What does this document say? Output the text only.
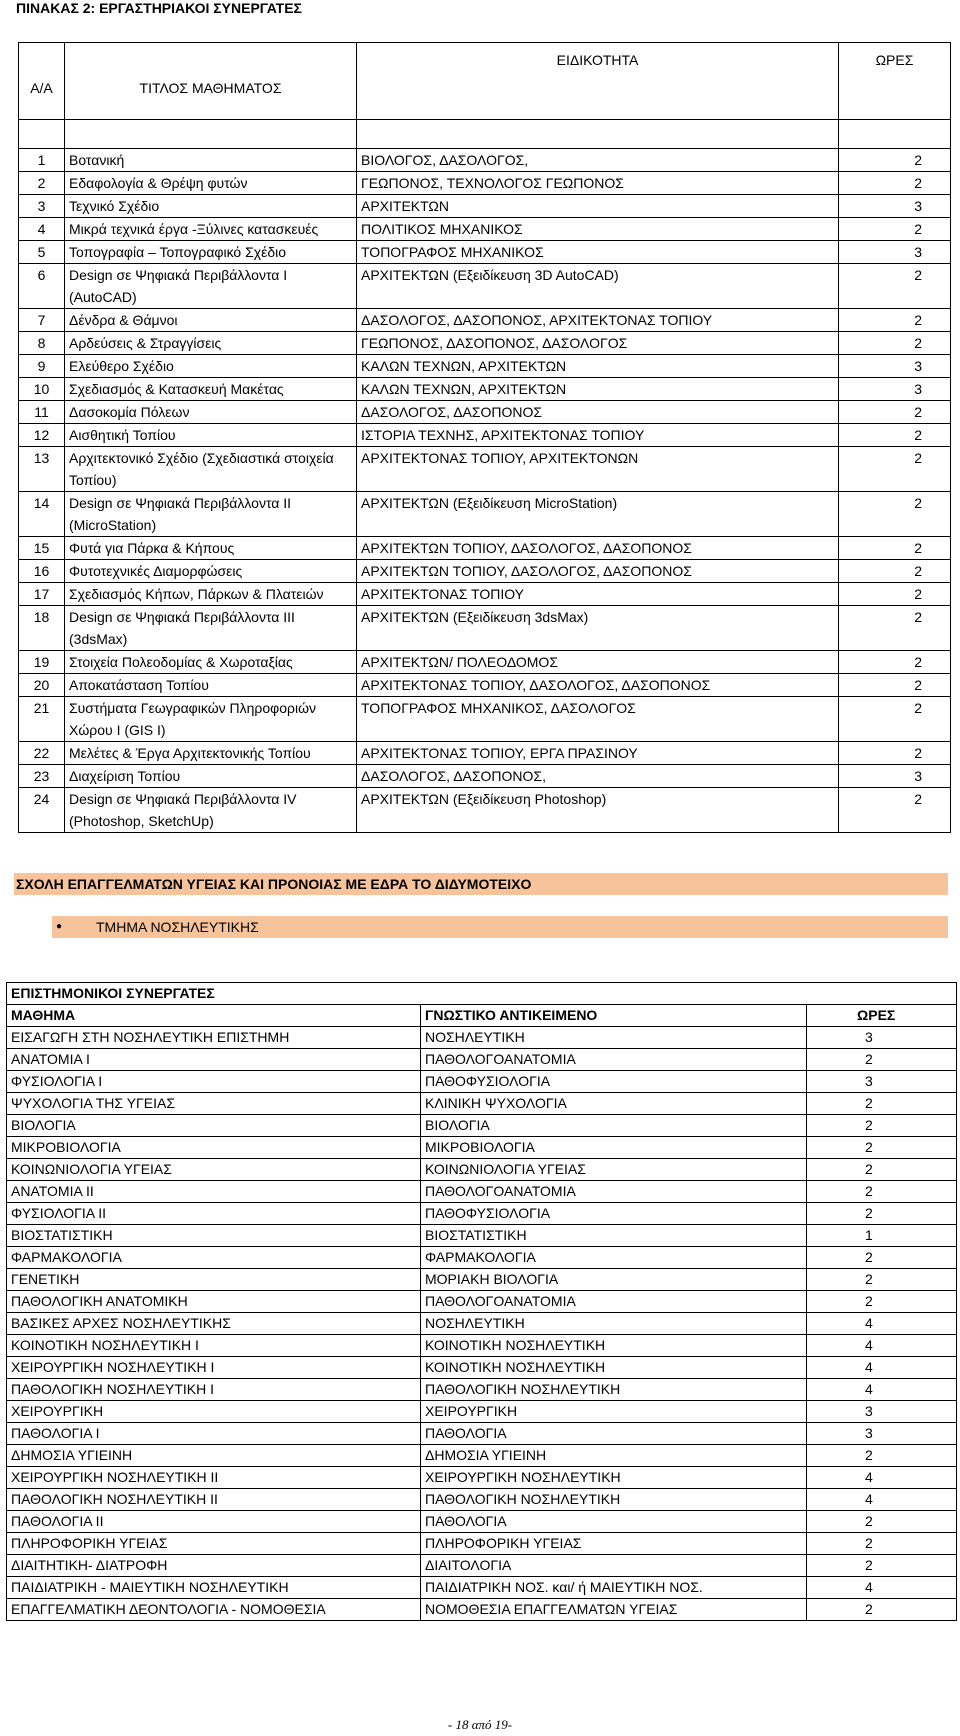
ΠΙΝΑΚΑΣ 2: ΕΡΓΑΣΤΗΡΙΑΚΟΙ ΣΥΝΕΡΓΑΤΕΣ
Α/Α	ΤΙΤΛΟΣ ΜΑΘΗΜΑΤΟΣ	ΕΙΔΙΚΟΤΗΤΑ	ΩΡΕΣ

1	Βοτανική	ΒΙΟΛΟΓΟΣ, ΔΑΣΟΛΟΓΟΣ,	2
2	Εδαφολογία & Θρέψη φυτών	ΓΕΩΠΟΝΟΣ, ΤΕΧΝΟΛΟΓΟΣ ΓΕΩΠΟΝΟΣ	2
3	Τεχνικό Σχέδιο	ΑΡΧΙΤΕΚΤΩΝ	3
4	Μικρά τεχνικά έργα -Ξύλινες κατασκευές	ΠΟΛΙΤΙΚΟΣ ΜΗΧΑΝΙΚΟΣ	2
5	Τοπογραφία – Τοπογραφικό Σχέδιο	ΤΟΠΟΓΡΑΦΟΣ ΜΗΧΑΝΙΚΟΣ	3
6	Design σε Ψηφιακά Περιβάλλοντα I (AutoCAD)	ΑΡΧΙΤΕΚΤΩΝ (Εξειδίκευση 3D AutoCAD)	2
7	Δένδρα & Θάμνοι	ΔΑΣΟΛΟΓΟΣ, ΔΑΣΟΠΟΝΟΣ, ΑΡΧΙΤΕΚΤΟΝΑΣ ΤΟΠΙΟΥ	2
8	Αρδεύσεις & Στραγγίσεις	ΓΕΩΠΟΝΟΣ, ΔΑΣΟΠΟΝΟΣ, ΔΑΣΟΛΟΓΟΣ	2
9	Ελεύθερο Σχέδιο	ΚΑΛΩΝ ΤΕΧΝΩΝ, ΑΡΧΙΤΕΚΤΩΝ	3
10	Σχεδιασμός & Κατασκευή Μακέτας	ΚΑΛΩΝ ΤΕΧΝΩΝ, ΑΡΧΙΤΕΚΤΩΝ	3
11	Δασοκομία Πόλεων	ΔΑΣΟΛΟΓΟΣ, ΔΑΣΟΠΟΝΟΣ	2
12	Αισθητική Τοπίου	ΙΣΤΟΡΙΑ ΤΕΧΝΗΣ, ΑΡΧΙΤΕΚΤΟΝΑΣ ΤΟΠΙΟΥ	2
13	Αρχιτεκτονικό Σχέδιο (Σχεδιαστικά στοιχεία Τοπίου)	ΑΡΧΙΤΕΚΤΟΝΑΣ ΤΟΠΙΟΥ, ΑΡΧΙΤΕΚΤΟΝΩΝ	2
14	Design σε Ψηφιακά Περιβάλλοντα II (MicroStation)	ΑΡΧΙΤΕΚΤΩΝ (Εξειδίκευση MicroStation)	2
15	Φυτά για Πάρκα & Κήπους	ΑΡΧΙΤΕΚΤΩΝ ΤΟΠΙΟΥ, ΔΑΣΟΛΟΓΟΣ, ΔΑΣΟΠΟΝΟΣ	2
16	Φυτοτεχνικές Διαμορφώσεις	ΑΡΧΙΤΕΚΤΩΝ ΤΟΠΙΟΥ, ΔΑΣΟΛΟΓΟΣ, ΔΑΣΟΠΟΝΟΣ	2
17	Σχεδιασμός Κήπων, Πάρκων & Πλατειών	ΑΡΧΙΤΕΚΤΟΝΑΣ ΤΟΠΙΟΥ	2
18	Design σε Ψηφιακά Περιβάλλοντα III (3dsMax)	ΑΡΧΙΤΕΚΤΩΝ (Εξειδίκευση 3dsMax)	2
19	Στοιχεία Πολεοδομίας & Χωροταξίας	ΑΡΧΙΤΕΚΤΩΝ/ ΠΟΛΕΟΔΟΜΟΣ	2
20	Αποκατάσταση Τοπίου	ΑΡΧΙΤΕΚΤΟΝΑΣ ΤΟΠΙΟΥ, ΔΑΣΟΛΟΓΟΣ, ΔΑΣΟΠΟΝΟΣ	2
21	Συστήματα Γεωγραφικών Πληροφοριών Χώρου I (GIS I)	ΤΟΠΟΓΡΑΦΟΣ ΜΗΧΑΝΙΚΟΣ, ΔΑΣΟΛΟΓΟΣ	2
22	Μελέτες & Έργα Αρχιτεκτονικής Τοπίου	ΑΡΧΙΤΕΚΤΟΝΑΣ ΤΟΠΙΟΥ, ΕΡΓΑ ΠΡΑΣΙΝΟΥ	2
23	Διαχείριση Τοπίου	ΔΑΣΟΛΟΓΟΣ, ΔΑΣΟΠΟΝΟΣ,	3
24	Design σε Ψηφιακά Περιβάλλοντα IV (Photoshop, SketchUp)	ΑΡΧΙΤΕΚΤΩΝ (Εξειδίκευση Photoshop)	2
ΣΧΟΛΗ ΕΠΑΓΓΕΛΜΑΤΩΝ ΥΓΕΙΑΣ ΚΑΙ ΠΡΟΝΟΙΑΣ ΜΕ ΕΔΡΑ ΤΟ ΔΙΔΥΜΟΤΕΙΧΟ
● ΤΜΗΜΑ ΝΟΣΗΛΕΥΤΙΚΗΣ
ΕΠΙΣΤΗΜΟΝΙΚΟΙ ΣΥΝΕΡΓΑΤΕΣ		
ΜΑΘΗΜΑ	ΓΝΩΣΤΙΚΟ ΑΝΤΙΚΕΙΜΕΝΟ	ΩΡΕΣ
ΕΙΣΑΓΩΓΗ ΣΤΗ ΝΟΣΗΛΕΥΤΙΚΗ ΕΠΙΣΤΗΜΗ	ΝΟΣΗΛΕΥΤΙΚΗ	3
ΑΝΑΤΟΜΙΑ Ι	ΠΑΘΟΛΟΓΟΑΝΑΤΟΜΙΑ	2
ΦΥΣΙΟΛΟΓΙΑ Ι	ΠΑΘΟΦΥΣΙΟΛΟΓΙΑ	3
ΨΥΧΟΛΟΓΙΑ ΤΗΣ ΥΓΕΙΑΣ	ΚΛΙΝΙΚΗ ΨΥΧΟΛΟΓΙΑ	2
ΒΙΟΛΟΓΙΑ	ΒΙΟΛΟΓΙΑ	2
ΜΙΚΡΟΒΙΟΛΟΓΙΑ	ΜΙΚΡΟΒΙΟΛΟΓΙΑ	2
ΚΟΙΝΩΝΙΟΛΟΓΙΑ ΥΓΕΙΑΣ	ΚΟΙΝΩΝΙΟΛΟΓΙΑ ΥΓΕΙΑΣ	2
ΑΝΑΤΟΜΙΑ ΙΙ	ΠΑΘΟΛΟΓΟΑΝΑΤΟΜΙΑ	2
ΦΥΣΙΟΛΟΓΙΑ ΙΙ	ΠΑΘΟΦΥΣΙΟΛΟΓΙΑ	2
ΒΙΟΣΤΑΤΙΣΤΙΚΗ	ΒΙΟΣΤΑΤΙΣΤΙΚΗ	1
ΦΑΡΜΑΚΟΛΟΓΙΑ	ΦΑΡΜΑΚΟΛΟΓΙΑ	2
ΓΕΝΕΤΙΚΗ	ΜΟΡΙΑΚΗ ΒΙΟΛΟΓΙΑ	2
ΠΑΘΟΛΟΓΙΚΗ ΑΝΑΤΟΜΙΚΗ	ΠΑΘΟΛΟΓΟΑΝΑΤΟΜΙΑ	2
ΒΑΣΙΚΕΣ ΑΡΧΕΣ ΝΟΣΗΛΕΥΤΙΚΗΣ	ΝΟΣΗΛΕΥΤΙΚΗ	4
ΚΟΙΝΟΤΙΚΗ ΝΟΣΗΛΕΥΤΙΚΗ Ι	ΚΟΙΝΟΤΙΚΗ ΝΟΣΗΛΕΥΤΙΚΗ	4
ΧΕΙΡΟΥΡΓΙΚΗ ΝΟΣΗΛΕΥΤΙΚΗ Ι	ΚΟΙΝΟΤΙΚΗ ΝΟΣΗΛΕΥΤΙΚΗ	4
ΠΑΘΟΛΟΓΙΚΗ ΝΟΣΗΛΕΥΤΙΚΗ Ι	ΠΑΘΟΛΟΓΙΚΗ ΝΟΣΗΛΕΥΤΙΚΗ	4
ΧΕΙΡΟΥΡΓΙΚΗ	ΧΕΙΡΟΥΡΓΙΚΗ	3
ΠΑΘΟΛΟΓΙΑ Ι	ΠΑΘΟΛΟΓΙΑ	3
ΔΗΜΟΣΙΑ ΥΓΙΕΙΝΗ	ΔΗΜΟΣΙΑ ΥΓΙΕΙΝΗ	2
ΧΕΙΡΟΥΡΓΙΚΗ ΝΟΣΗΛΕΥΤΙΚΗ ΙΙ	ΧΕΙΡΟΥΡΓΙΚΗ ΝΟΣΗΛΕΥΤΙΚΗ	4
ΠΑΘΟΛΟΓΙΚΗ ΝΟΣΗΛΕΥΤΙΚΗ ΙΙ	ΠΑΘΟΛΟΓΙΚΗ ΝΟΣΗΛΕΥΤΙΚΗ	4
ΠΑΘΟΛΟΓΙΑ ΙΙ	ΠΑΘΟΛΟΓΙΑ	2
ΠΛΗΡΟΦΟΡΙΚΗ ΥΓΕΙΑΣ	ΠΛΗΡΟΦΟΡΙΚΗ ΥΓΕΙΑΣ	2
ΔΙΑΙΤΗΤΙΚΗ- ΔΙΑΤΡΟΦΗ	ΔΙΑΙΤΟΛΟΓΙΑ	2
ΠΑΙΔΙΑΤΡΙΚΗ - ΜΑΙΕΥΤΙΚΗ ΝΟΣΗΛΕΥΤΙΚΗ	ΠΑΙΔΙΑΤΡΙΚΗ ΝΟΣ. και/ ή ΜΑΙΕΥΤΙΚΗ ΝΟΣ.	4
ΕΠΑΓΓΕΛΜΑΤΙΚΗ ΔΕΟΝΤΟΛΟΓΙΑ - ΝΟΜΟΘΕΣΙΑ	ΝΟΜΟΘΕΣΙΑ ΕΠΑΓΓΕΛΜΑΤΩΝ ΥΓΕΙΑΣ	2
- 18 από 19-
